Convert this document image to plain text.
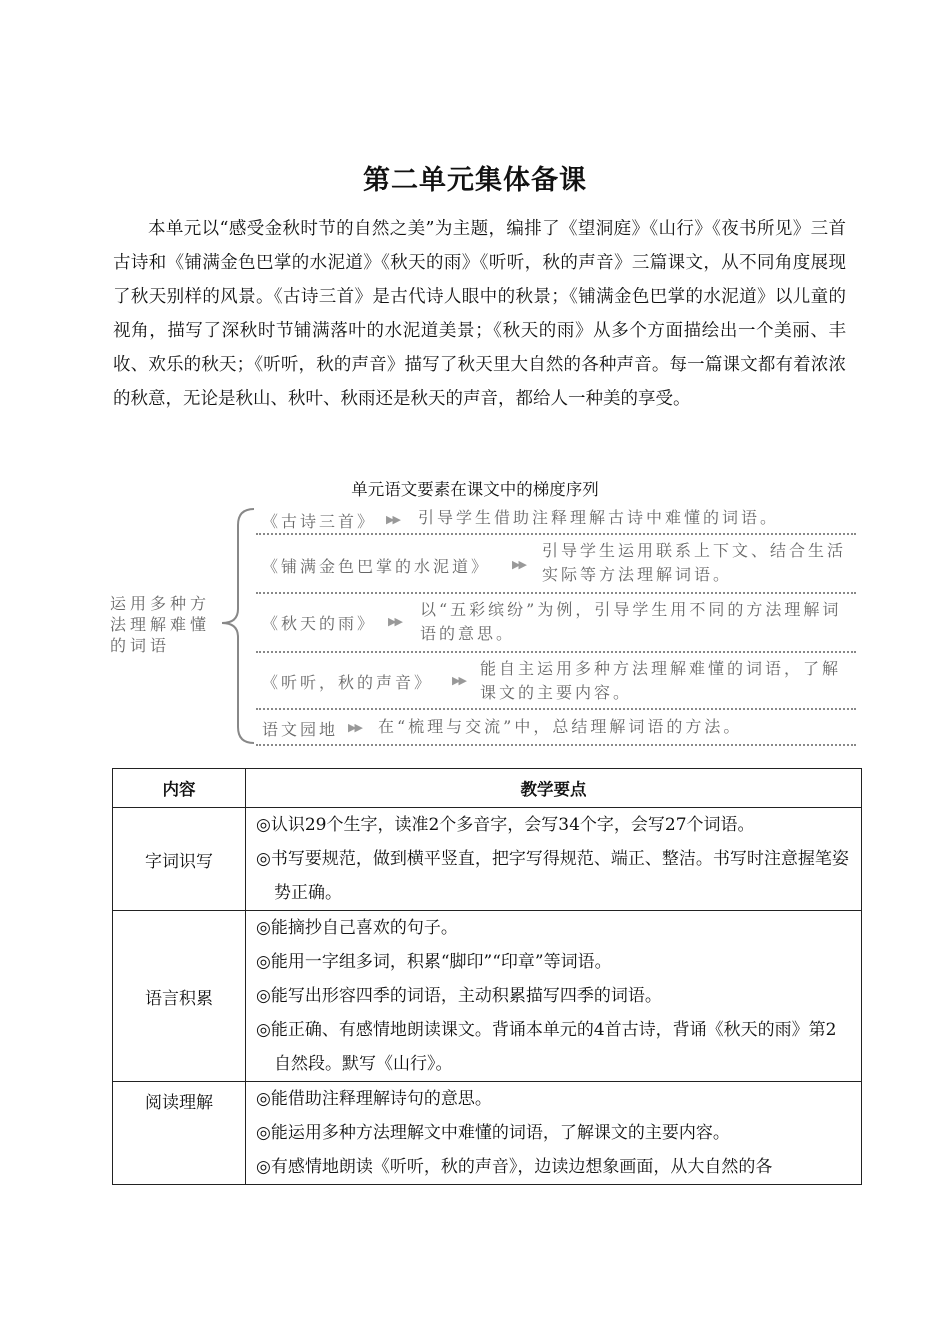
第二单元集体备课

本单元以“感受金秋时节的自然之美”为主题，编排了《望洞庭》《山行》《夜书所见》三首古诗和《铺满金色巴掌的水泥道》《秋天的雨》《听听，秋的声音》三篇课文，从不同角度展现了秋天别样的风景。《古诗三首》是古代诗人眼中的秋景；《铺满金色巴掌的水泥道》以儿童的视角，描写了深秋时节铺满落叶的水泥道美景；《秋天的雨》从多个方面描绘出一个美丽、丰收、欢乐的秋天；《听听，秋的声音》描写了秋天里大自然的各种声音。每一篇课文都有着浓浓的秋意，无论是秋山、秋叶、秋雨还是秋天的声音，都给人一种美的享受。

单元语文要素在课文中的梯度序列
运用多种方法理解难懂的词语
《古诗三首》 ▶▶ 引导学生借助注释理解古诗中难懂的词语。
《铺满金色巴掌的水泥道》 ▶▶
引导学生运用联系上下文、结合生活实际等方法理解词语。
《秋天的雨》 ▶▶
以“五彩缤纷”为例，引导学生用不同的方法理解词语的意思。
《听听，秋的声音》 ▶▶
能自主运用多种方法理解难懂的词语，了解课文的主要内容。
语文园地 ▶▶ 在“梳理与交流”中，总结理解词语的方法。
内容	教学要点
字词识写	◎认识29个生字，读准2个多音字，会写34个字，会写27个词语。
◎书写要规范，做到横平竖直，把字写得规范、端正、整洁。书写时注意握笔姿势正确。

语言积累	◎能摘抄自己喜欢的句子。
◎能用一字组多词，积累“脚印”“印章”等词语。
◎能写出形容四季的词语，主动积累描写四季的词语。
◎能正确、有感情地朗读课文。背诵本单元的4首古诗，背诵《秋天的雨》第2自然段。默写《山行》。

阅读理解	◎能借助注释理解诗句的意思。
◎能运用多种方法理解文中难懂的词语，了解课文的主要内容。
◎有感情地朗读《听听，秋的声音》，边读边想象画面，从大自然的各
